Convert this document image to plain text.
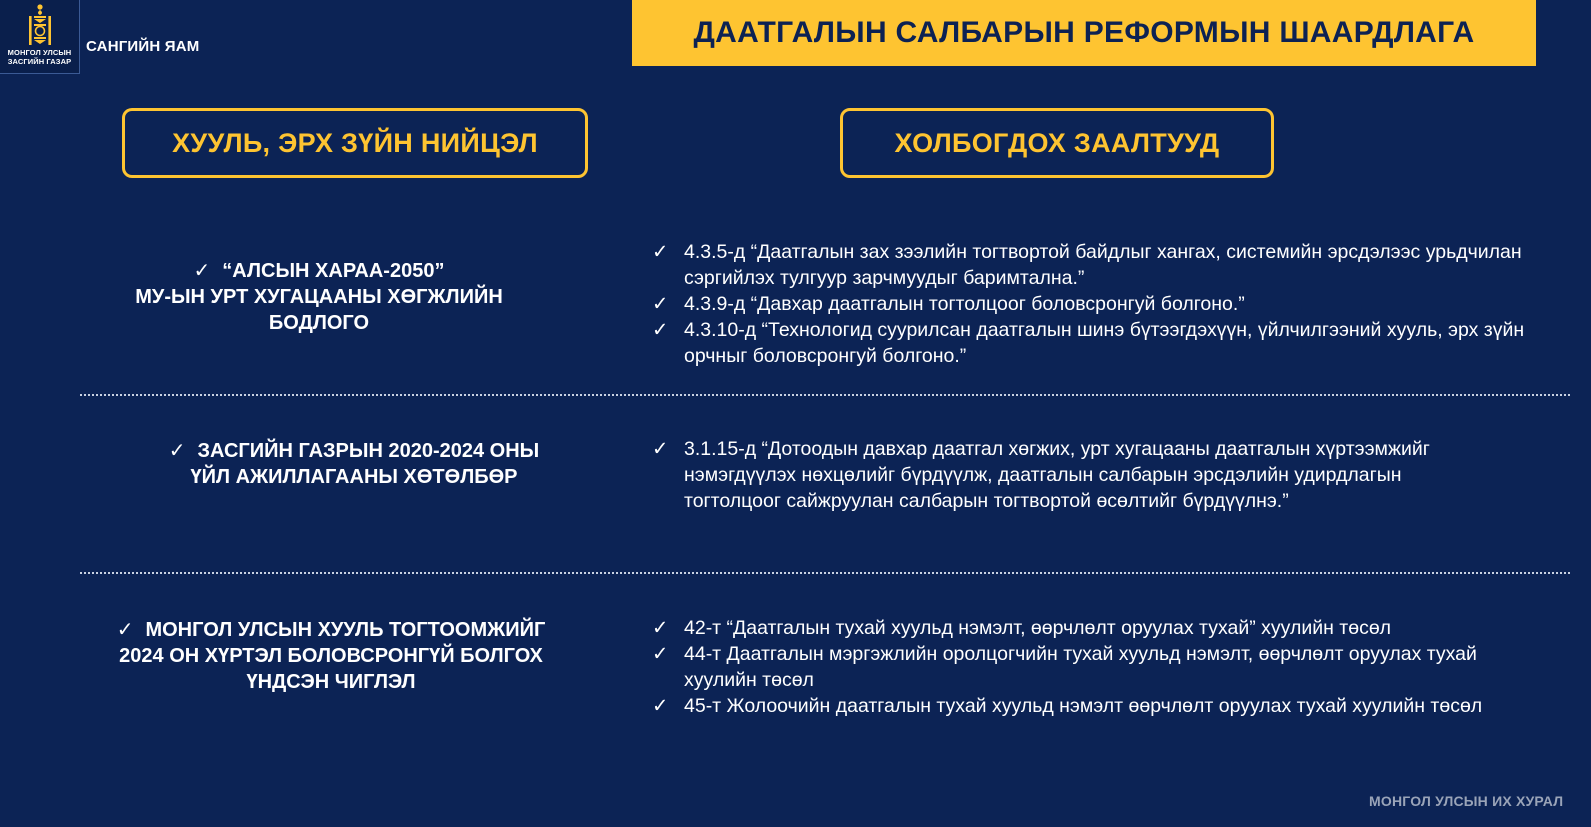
МОНГОЛ УЛСЫН
ЗАСГИЙН ГАЗАР
САНГИЙН ЯАМ	ДААТГАЛЫН САЛБАРЫН РЕФОРМЫН ШААРДЛАГА
ХУУЛЬ, ЭРХ ЗҮЙН НИЙЦЭЛ	ХОЛБОГДОХ ЗААЛТУУД
✓ “АЛСЫН ХАРАА-2050”
МУ-ЫН УРТ ХУГАЦААНЫ ХӨГЖЛИЙН
БОДЛОГО
✓ 4.3.5-д “Даатгалын зах зээлийн тогтвортой байдлыг хангах, системийн эрсдэлээс урьдчилан сэргийлэх тулгуур зарчмуудыг баримтална.”
✓ 4.3.9-д “Давхар даатгалын тогтолцоог боловсронгуй болгоно.”
✓ 4.3.10-д “Технологид суурилсан даатгалын шинэ бүтээгдэхүүн, үйлчилгээний хууль, эрх зүйн орчныг боловсронгуй болгоно.”
✓ ЗАСГИЙН ГАЗРЫН 2020-2024 ОНЫ
ҮЙЛ АЖИЛЛАГААНЫ ХӨТӨЛБӨР
✓ 3.1.15-д “Дотоодын давхар даатгал хөгжих, урт хугацааны даатгалын хүртээмжийг нэмэгдүүлэх нөхцөлийг бүрдүүлж, даатгалын салбарын эрсдэлийн удирдлагын тогтолцоог сайжруулан салбарын тогтвортой өсөлтийг бүрдүүлнэ.”
✓ МОНГОЛ УЛСЫН ХУУЛЬ ТОГТООМЖИЙГ
2024 ОН ХҮРТЭЛ БОЛОВСРОНГҮЙ БОЛГОХ
ҮНДСЭН ЧИГЛЭЛ
✓ 42-т “Даатгалын тухай хуульд нэмэлт, өөрчлөлт оруулах тухай” хуулийн төсөл
✓ 44-т Даатгалын мэргэжлийн оролцогчийн тухай хуульд нэмэлт, өөрчлөлт оруулах тухай хуулийн төсөл
✓ 45-т Жолоочийн даатгалын тухай хуульд нэмэлт өөрчлөлт оруулах тухай хуулийн төсөл
МОНГОЛ УЛСЫН ИХ ХУРАЛ
